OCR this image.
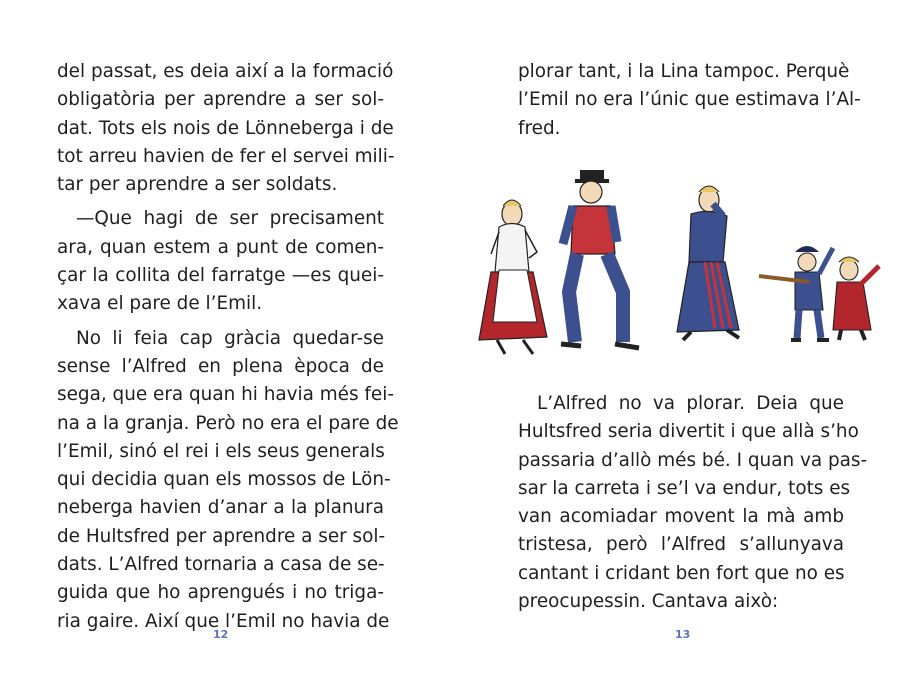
del passat, es deia així a la formació
obligatòria per aprendre a ser sol-
dat. Tots els nois de Lönneberga i de
tot arreu havien de fer el servei mili-
tar per aprendre a ser soldats.
—Que hagi de ser precisament
ara, quan estem a punt de comen-
çar la collita del farratge —es quei-
xava el pare de l’Emil.
No li feia cap gràcia quedar-se
sense l’Alfred en plena època de
sega, que era quan hi havia més fei-
na a la granja. Però no era el pare de
l’Emil, sinó el rei i els seus generals
qui decidia quan els mossos de Lön-
neberga havien d’anar a la planura
de Hultsfred per aprendre a ser sol-
dats. L’Alfred tornaria a casa de se-
guida que ho aprengués i no triga-
ria gaire. Així que l’Emil no havia de
12
plorar tant, i la Lina tampoc. Perquè
l’Emil no era l’únic que estimava l’Al-
fred.
L’Alfred no va plorar. Deia que
Hultsfred seria divertit i que allà s’ho
passaria d’allò més bé. I quan va pas-
sar la carreta i se’l va endur, tots es
van acomiadar movent la mà amb
tristesa, però l’Alfred s’allunyava
cantant i cridant ben fort que no es
preocupessin. Cantava això:
13
